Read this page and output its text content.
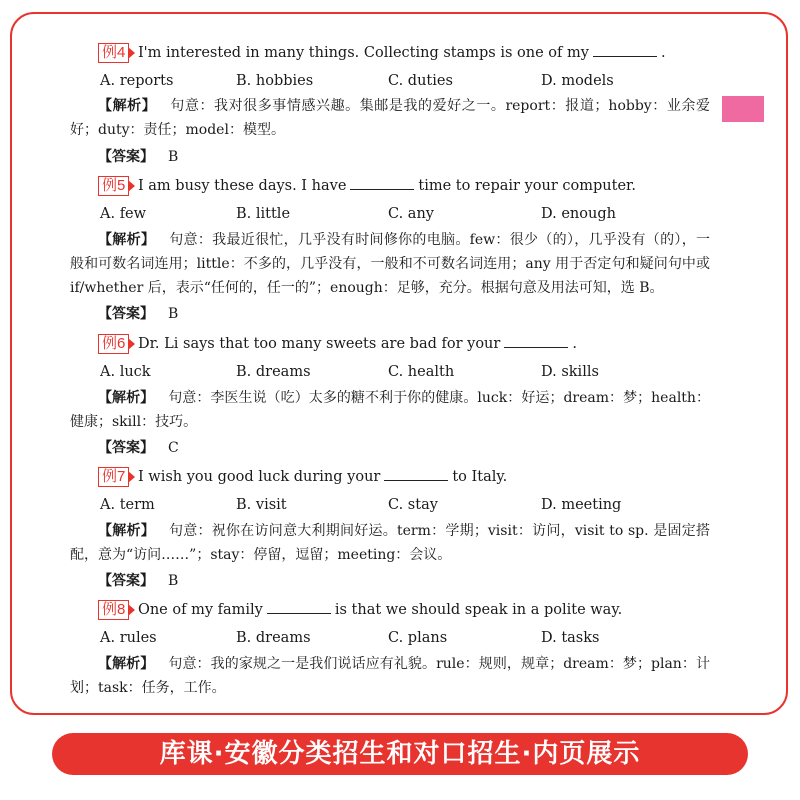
例4 I'm interested in many things. Collecting stamps is one of my	.
A. reports	B. hobbies	C. duties	D. models
【解析】 句意：我对很多事情感兴趣。集邮是我的爱好之一。report：报道；hobby：业余爱好；duty：责任；model：模型。
【答案】 B
例5 I am busy these days. I have	time to repair your computer.
A. few	B. little	C. any	D. enough
【解析】 句意：我最近很忙，几乎没有时间修你的电脑。few：很少（的），几乎没有（的），一般和可数名词连用；little：不多的，几乎没有，一般和不可数名词连用；any 用于否定句和疑问句中或 if/whether 后，表示“任何的，任一的”；enough：足够，充分。根据句意及用法可知，选 B。
【答案】 B
例6 Dr. Li says that too many sweets are bad for your	.
A. luck	B. dreams	C. health	D. skills
【解析】 句意：李医生说（吃）太多的糖不利于你的健康。luck：好运；dream：梦；health：健康；skill：技巧。
【答案】 C
例7 I wish you good luck during your	to Italy.
A. term	B. visit	C. stay	D. meeting
【解析】 句意：祝你在访问意大利期间好运。term：学期；visit：访问，visit to sp. 是固定搭配，意为“访问……”；stay：停留，逗留；meeting：会议。
【答案】 B
例8 One of my family	is that we should speak in a polite way.
A. rules	B. dreams	C. plans	D. tasks
【解析】 句意：我的家规之一是我们说话应有礼貌。rule：规则，规章；dream：梦；plan：计划；task：任务，工作。
库课·安徽分类招生和对口招生·内页展示
